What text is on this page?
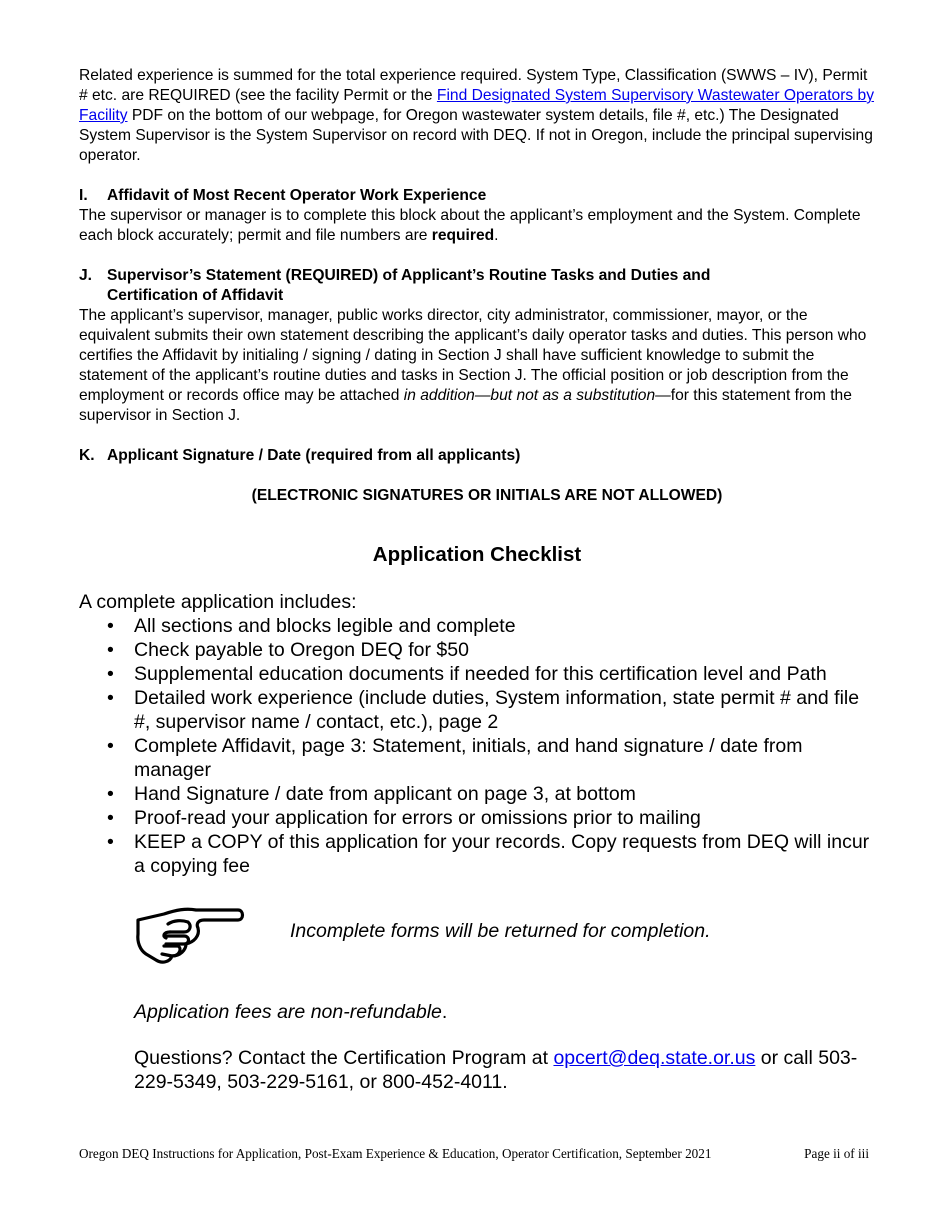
Related experience is summed for the total experience required. System Type, Classification (SWWS – IV), Permit # etc. are REQUIRED (see the facility Permit or the Find Designated System Supervisory Wastewater Operators by Facility PDF on the bottom of our webpage, for Oregon wastewater system details, file #, etc.) The Designated System Supervisor is the System Supervisor on record with DEQ. If not in Oregon, include the principal supervising operator.

I.	Affidavit of Most Recent Operator Work Experience

The supervisor or manager is to complete this block about the applicant’s employment and the System. Complete each block accurately; permit and file numbers are required.

J. Supervisor’s Statement (REQUIRED) of Applicant’s Routine Tasks and Duties and
Certification of Affidavit

The applicant’s supervisor, manager, public works director, city administrator, commissioner, mayor, or the equivalent submits their own statement describing the applicant’s daily operator tasks and duties. This person who certifies the Affidavit by initialing / signing / dating in Section J shall have sufficient knowledge to submit the statement of the applicant’s routine duties and tasks in Section J. The official position or job description from the employment or records office may be attached in addition—but not as a substitution—for this statement from the supervisor in Section J.

K. Applicant Signature / Date (required from all applicants)

(ELECTRONIC SIGNATURES OR INITIALS ARE NOT ALLOWED)

Application Checklist

A complete application includes:

• All sections and blocks legible and complete
• Check payable to Oregon DEQ for $50
• Supplemental education documents if needed for this certification level and Path
• Detailed work experience (include duties, System information, state permit # and file #, supervisor name / contact, etc.), page 2
• Complete Affidavit, page 3: Statement, initials, and hand signature / date from manager
• Hand Signature / date from applicant on page 3, at bottom
• Proof-read your application for errors or omissions prior to mailing
• KEEP a COPY of this application for your records. Copy requests from DEQ will incur a copying fee
Incomplete forms will be returned for completion.

Application fees are non-refundable.

Questions? Contact the Certification Program at opcert@deq.state.or.us or call 503-229-5349, 503-229-5161, or 800-452-4011.

Oregon DEQ Instructions for Application, Post-Exam Experience & Education, Operator Certification, September 2021	Page ii of iii
